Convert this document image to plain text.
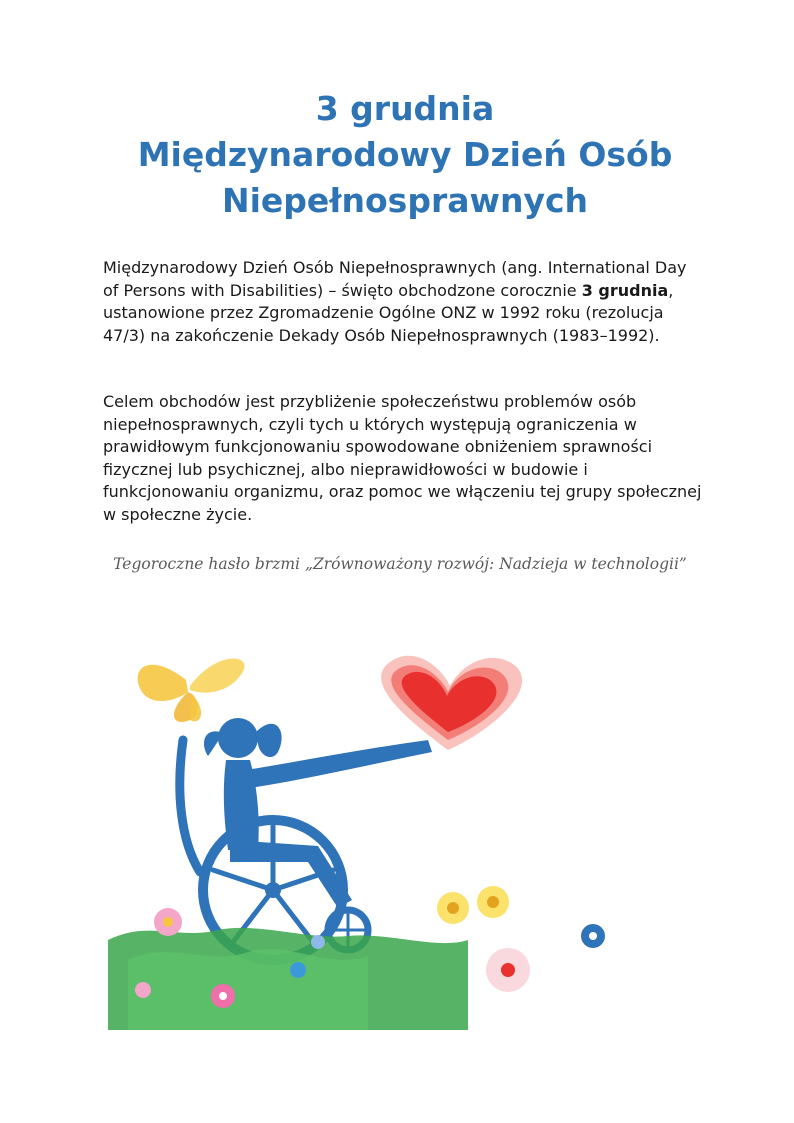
3 grudnia
Międzynarodowy Dzień Osób
Niepełnosprawnych
Międzynarodowy Dzień Osób Niepełnosprawnych (ang. International Day of Persons with Disabilities) – święto obchodzone corocznie 3 grudnia, ustanowione przez Zgromadzenie Ogólne ONZ w 1992 roku (rezolucja 47/3) na zakończenie Dekady Osób Niepełnosprawnych (1983–1992).
Celem obchodów jest przybliżenie społeczeństwu problemów osób niepełnosprawnych, czyli tych u których występują ograniczenia w prawidłowym funkcjonowaniu spowodowane obniżeniem sprawności fizycznej lub psychicznej, albo nieprawidłowości w budowie i funkcjonowaniu organizmu, oraz pomoc we włączeniu tej grupy społecznej w społeczne życie.
Tegoroczne hasło brzmi „Zrównoważony rozwój: Nadzieja w technologii”
